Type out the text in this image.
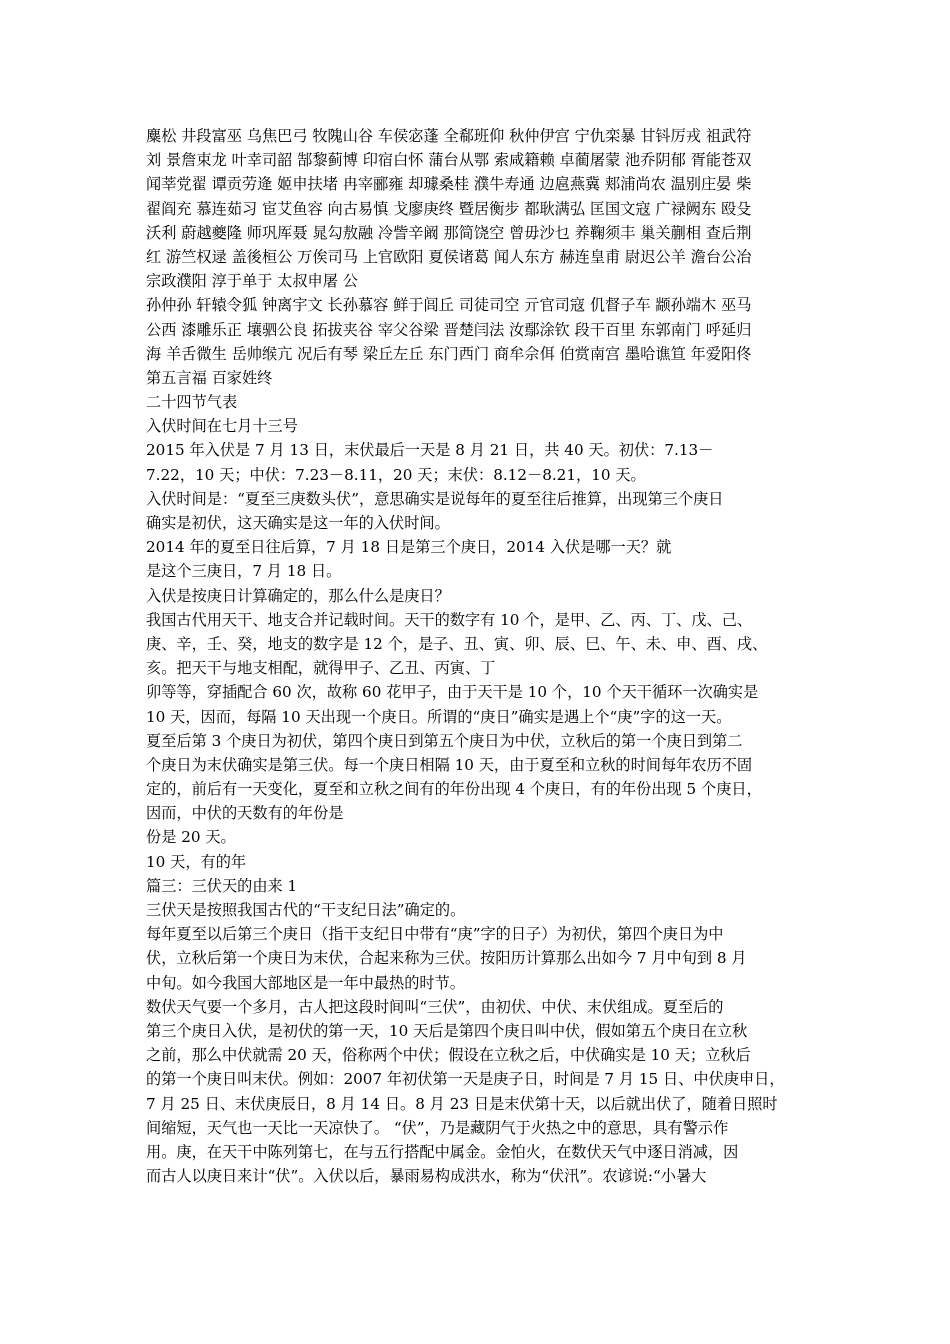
麋松 井段富巫 乌焦巴弓 牧隗山谷 车侯宓蓬 全郗班仰 秋仲伊宫 宁仇栾暴 甘钭厉戎 祖武符
刘 景詹束龙 叶幸司韶 郜黎蓟博 印宿白怀 蒲台从鄂 索咸籍赖 卓蔺屠蒙 池乔阴郁 胥能苍双
闻莘党翟 谭贡劳逄 姬申扶堵 冉宰郦雍 却璩桑桂 濮牛寿通 边扈燕冀 郏浦尚农 温别庄晏 柴
翟阎充 慕连茹习 宦艾鱼容 向古易慎 戈廖庚终 暨居衡步 都耿满弘 匡国文寇 广禄阙东 殴殳
沃利 蔚越夔隆 师巩厍聂 晁勾敖融 冷訾辛阚 那简饶空 曾毋沙乜 养鞠须丰 巢关蒯相 查后荆
红 游竺权逯 盖後桓公 万俟司马 上官欧阳 夏侯诸葛 闻人东方 赫连皇甫 尉迟公羊 澹台公冶
宗政濮阳 淳于单于 太叔申屠 公
孙仲孙 轩辕令狐 钟离宇文 长孙慕容 鲜于闾丘 司徒司空 亓官司寇 仉督子车 颛孙端木 巫马
公西 漆雕乐正 壤驷公良 拓拔夹谷 宰父谷梁 晋楚闫法 汝鄢涂钦 段干百里 东郭南门 呼延归
海 羊舌微生 岳帅缑亢 况后有琴 梁丘左丘 东门西门 商牟佘佴 伯赏南宫 墨哈谯笪 年爱阳佟
第五言福 百家姓终
二十四节气表
入伏时间在七月十三号
2015 年入伏是 7 月 13 日，末伏最后一天是 8 月 21 日，共 40 天。初伏：7.13－
7.22，10 天；中伏：7.23－8.11，20 天；末伏：8.12－8.21，10 天。
入伏时间是：“夏至三庚数头伏”，意思确实是说每年的夏至往后推算，出现第三个庚日
确实是初伏，这天确实是这一年的入伏时间。
2014 年的夏至日往后算，7 月 18 日是第三个庚日，2014 入伏是哪一天？就
是这个三庚日，7 月 18 日。
入伏是按庚日计算确定的，那么什么是庚日？
我国古代用天干、地支合并记载时间。天干的数字有 10 个，是甲、乙、丙、丁、戊、己、
庚、辛，壬、癸，地支的数字是 12 个，是子、丑、寅、卯、辰、巳、午、未、申、酉、戌、
亥。把天干与地支相配，就得甲子、乙丑、丙寅、丁
卯等等，穿插配合 60 次，故称 60 花甲子，由于天干是 10 个，10 个天干循环一次确实是
10 天，因而，每隔 10 天出现一个庚日。所谓的“庚日”确实是遇上个“庚”字的这一天。
夏至后第 3 个庚日为初伏，第四个庚日到第五个庚日为中伏，立秋后的第一个庚日到第二
个庚日为末伏确实是第三伏。每一个庚日相隔 10 天，由于夏至和立秋的时间每年农历不固
定的，前后有一天变化，夏至和立秋之间有的年份出现 4 个庚日，有的年份出现 5 个庚日，
因而，中伏的天数有的年份是
份是 20 天。
10 天，有的年
篇三：三伏天的由来 1
三伏天是按照我国古代的“干支纪日法”确定的。
每年夏至以后第三个庚日（指干支纪日中带有“庚”字的日子）为初伏，第四个庚日为中
伏，立秋后第一个庚日为末伏，合起来称为三伏。按阳历计算那么出如今 7 月中旬到 8 月
中旬。如今我国大部地区是一年中最热的时节。
数伏天气要一个多月，古人把这段时间叫“三伏”，由初伏、中伏、末伏组成。夏至后的
第三个庚日入伏，是初伏的第一天，10 天后是第四个庚日叫中伏，假如第五个庚日在立秋
之前，那么中伏就需 20 天，俗称两个中伏；假设在立秋之后，中伏确实是 10 天；立秋后
的第一个庚日叫末伏。例如：2007 年初伏第一天是庚子日，时间是 7 月 15 日、中伏庚申日，
7 月 25 日、末伏庚辰日，8 月 14 日。8 月 23 日是末伏第十天，以后就出伏了，随着日照时
间缩短，天气也一天比一天凉快了。 “伏”，乃是藏阴气于火热之中的意思，具有警示作
用。庚，在天干中陈列第七，在与五行搭配中属金。金怕火，在数伏天气中逐日消减，因
而古人以庚日来计“伏”。入伏以后，暴雨易构成洪水，称为“伏汛”。农谚说:“小暑大
